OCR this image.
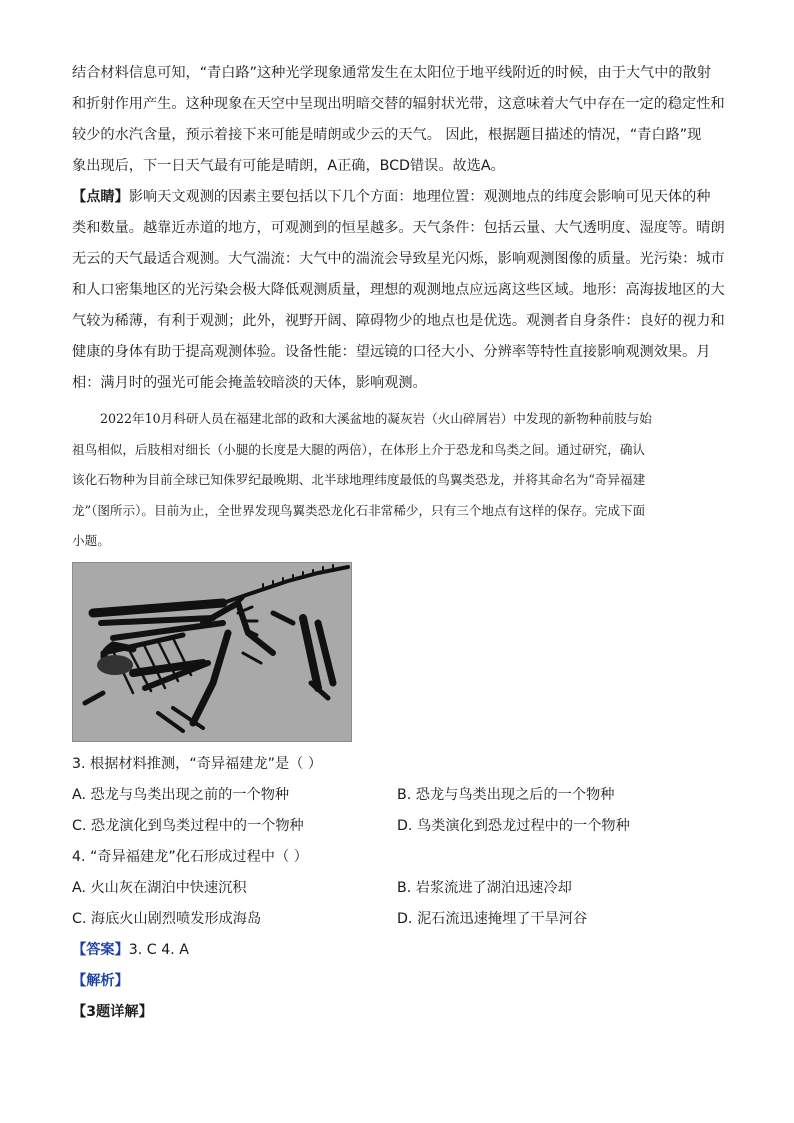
结合材料信息可知，“青白路”这种光学现象通常发生在太阳位于地平线附近的时候，由于大气中的散射

和折射作用产生。这种现象在天空中呈现出明暗交替的辐射状光带，这意味着大气中存在一定的稳定性和

较少的水汽含量，预示着接下来可能是晴朗或少云的天气。 因此，根据题目描述的情况，“青白路”现

象出现后，下一日天气最有可能是晴朗，A正确，BCD错误。故选A。

【点睛】影响天文观测的因素主要包括以下几个方面：地理位置：观测地点的纬度会影响可见天体的种

类和数量。越靠近赤道的地方，可观测到的恒星越多。天气条件：包括云量、大气透明度、湿度等。晴朗

无云的天气最适合观测。大气湍流：大气中的湍流会导致星光闪烁，影响观测图像的质量。光污染：城市

和人口密集地区的光污染会极大降低观测质量，理想的观测地点应远离这些区域。地形：高海拔地区的大

气较为稀薄，有利于观测；此外，视野开阔、障碍物少的地点也是优选。观测者自身条件：良好的视力和

健康的身体有助于提高观测体验。设备性能：望远镜的口径大小、分辨率等特性直接影响观测效果。月

相：满月时的强光可能会掩盖较暗淡的天体，影响观测。

2022年10月科研人员在福建北部的政和大溪盆地的凝灰岩（火山碎屑岩）中发现的新物种前肢与始

祖鸟相似，后肢相对细长（小腿的长度是大腿的两倍），在体形上介于恐龙和鸟类之间。通过研究，确认

该化石物种为目前全球已知侏罗纪最晚期、北半球地理纬度最低的鸟翼类恐龙，并将其命名为“奇异福建

龙”（图所示）。目前为止，全世界发现鸟翼类恐龙化石非常稀少，只有三个地点有这样的保存。完成下面

小题。

3. 根据材料推测，“奇异福建龙”是（ ）
A. 恐龙与鸟类出现之前的一个物种	B. 恐龙与鸟类出现之后的一个物种
C. 恐龙演化到鸟类过程中的一个物种	D. 鸟类演化到恐龙过程中的一个物种
4. “奇异福建龙”化石形成过程中（ ）
A. 火山灰在湖泊中快速沉积	B. 岩浆流进了湖泊迅速冷却
C. 海底火山剧烈喷发形成海岛	D. 泥石流迅速掩埋了干旱河谷
【答案】3. C 4. A
【解析】
【3题详解】
